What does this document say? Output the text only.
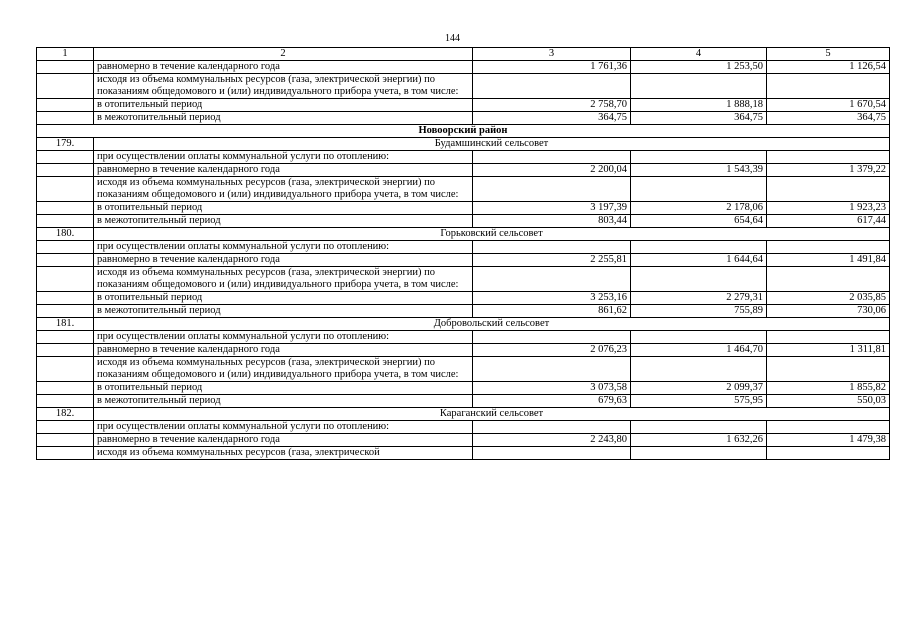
144
1	2	3	4	5
	равномерно в течение календарного года	1 761,36	1 253,50	1 126,54
	исходя из объема коммунальных ресурсов (газа, электрической энергии) по показаниям общедомового и (или) индивидуального прибора учета, в том числе:			
	в отопительный период	2 758,70	1 888,18	1 670,54
	в межотопительный период	364,75	364,75	364,75
Новоорский район				
179.	Будамшинский сельсовет			
	при осуществлении оплаты коммунальной услуги по отоплению:			
	равномерно в течение календарного года	2 200,04	1 543,39	1 379,22
	исходя из объема коммунальных ресурсов (газа, электрической энергии) по показаниям общедомового и (или) индивидуального прибора учета, в том числе:			
	в отопительный период	3 197,39	2 178,06	1 923,23
	в межотопительный период	803,44	654,64	617,44
180.	Горьковский сельсовет			
	при осуществлении оплаты коммунальной услуги по отоплению:			
	равномерно в течение календарного года	2 255,81	1 644,64	1 491,84
	исходя из объема коммунальных ресурсов (газа, электрической энергии) по показаниям общедомового и (или) индивидуального прибора учета, в том числе:			
	в отопительный период	3 253,16	2 279,31	2 035,85
	в межотопительный период	861,62	755,89	730,06
181.	Добровольский сельсовет			
	при осуществлении оплаты коммунальной услуги по отоплению:			
	равномерно в течение календарного года	2 076,23	1 464,70	1 311,81
	исходя из объема коммунальных ресурсов (газа, электрической энергии) по показаниям общедомового и (или) индивидуального прибора учета, в том числе:			
	в отопительный период	3 073,58	2 099,37	1 855,82
	в межотопительный период	679,63	575,95	550,03
182.	Караганский сельсовет			
	при осуществлении оплаты коммунальной услуги по отоплению:			
	равномерно в течение календарного года	2 243,80	1 632,26	1 479,38
	исходя из объема коммунальных ресурсов (газа, электрической			
